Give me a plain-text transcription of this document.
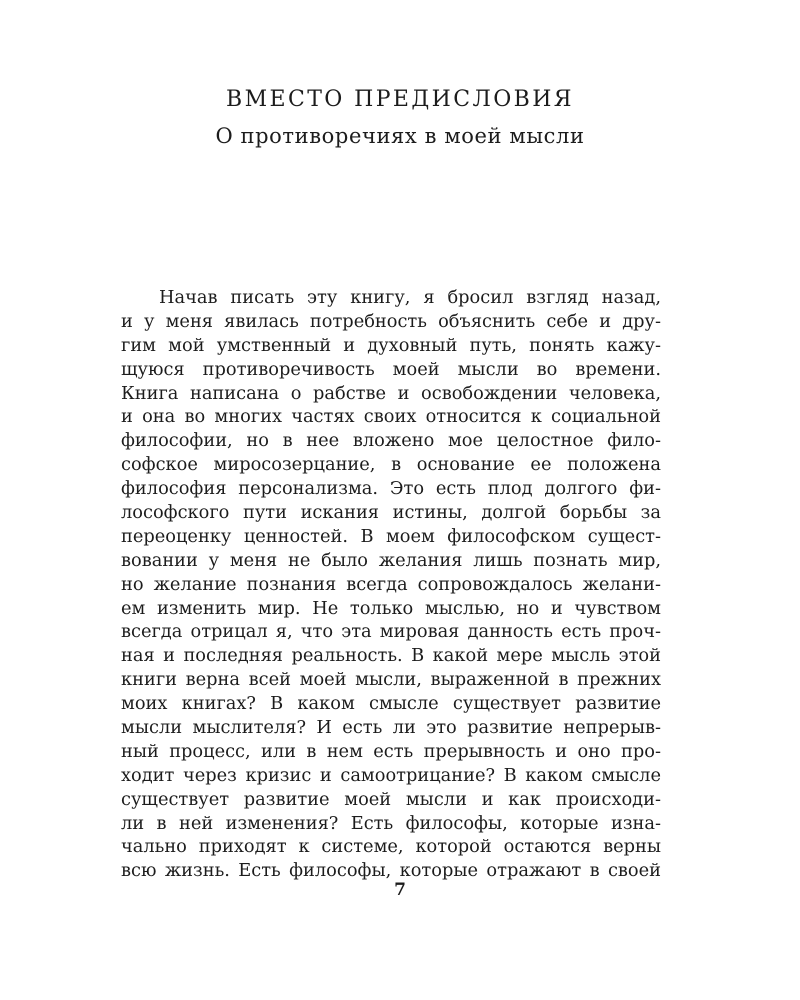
ВМЕСТО ПРЕДИСЛОВИЯ
О противоречиях в моей мысли
Начав писать эту книгу, я бросил взгляд назад,
и у меня явилась потребность объяснить себе и дру-
гим мой умственный и духовный путь, понять кажу-
щуюся противоречивость моей мысли во времени.
Книга написана о рабстве и освобождении человека,
и она во многих частях своих относится к социальной
философии, но в нее вложено мое целостное фило-
софское миросозерцание, в основание ее положена
философия персонализма. Это есть плод долгого фи-
лософского пути искания истины, долгой борьбы за
переоценку ценностей. В моем философском сущест-
вовании у меня не было желания лишь познать мир,
но желание познания всегда сопровождалось желани-
ем изменить мир. Не только мыслью, но и чувством
всегда отрицал я, что эта мировая данность есть проч-
ная и последняя реальность. В какой мере мысль этой
книги верна всей моей мысли, выраженной в прежних
моих книгах? В каком смысле существует развитие
мысли мыслителя? И есть ли это развитие непрерыв-
ный процесс, или в нем есть прерывность и оно про-
ходит через кризис и самоотрицание? В каком смысле
существует развитие моей мысли и как происходи-
ли в ней изменения? Есть философы, которые изна-
чально приходят к системе, которой остаются верны
всю жизнь. Есть философы, которые отражают в своей
7
